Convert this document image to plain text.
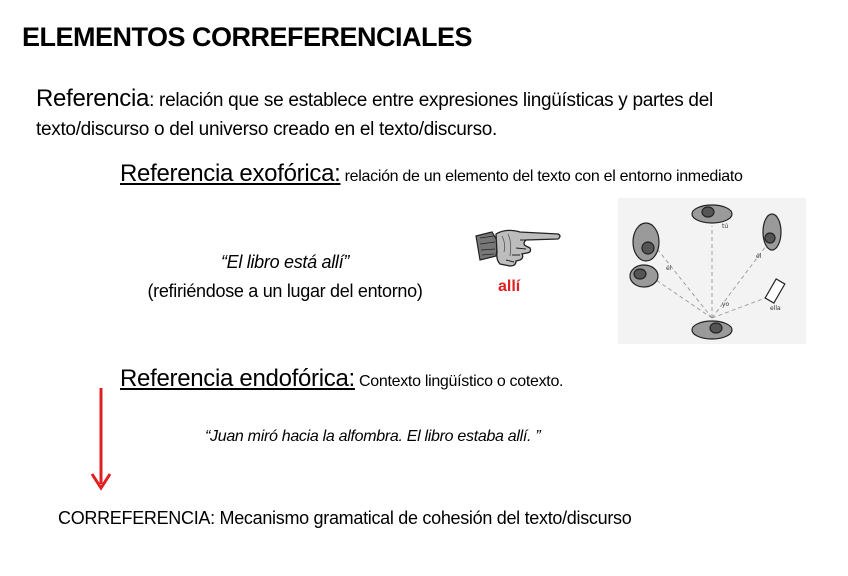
ELEMENTOS CORREFERENCIALES
Referencia: relación que se establece entre expresiones lingüísticas y partes del texto/discurso o del universo creado en el texto/discurso.
Referencia exofórica: relación de un elemento del texto con el entorno inmediato
“El libro está allí”
(refiriéndose a un lugar del entorno)	allí
tú
él
él
ella
yo
Referencia endofórica: Contexto lingüístico o cotexto.
“Juan miró hacia la alfombra. El libro estaba allí. ”
CORREFERENCIA: Mecanismo gramatical de cohesión del texto/discurso
